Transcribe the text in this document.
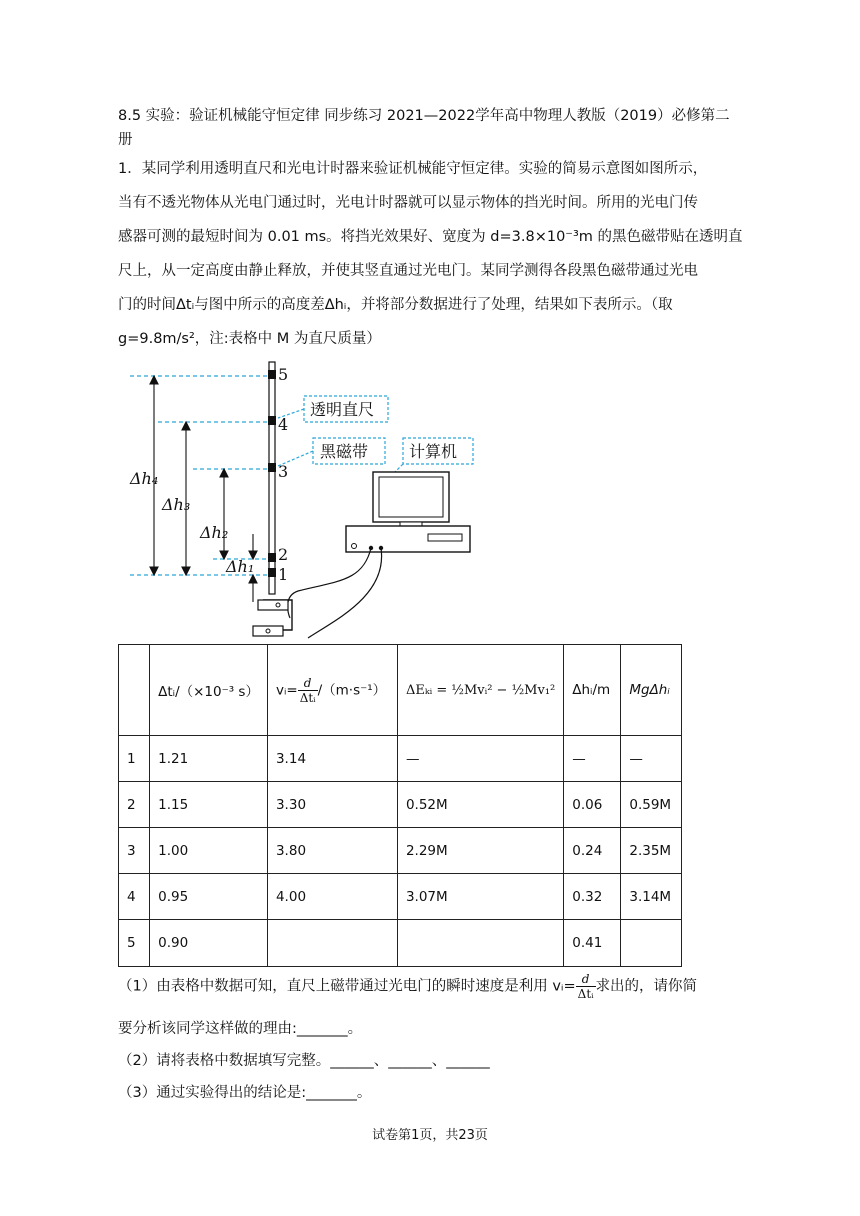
8.5 实验：验证机械能守恒定律 同步练习 2021—2022学年高中物理人教版（2019）必修第二册
1．某同学利用透明直尺和光电计时器来验证机械能守恒定律。实验的简易示意图如图所示，
当有不透光物体从光电门通过时，光电计时器就可以显示物体的挡光时间。所用的光电门传
感器可测的最短时间为 0.01 ms。将挡光效果好、宽度为 d=3.8×10⁻³m 的黑色磁带贴在透明直
尺上，从一定高度由静止释放，并使其竖直通过光电门。某同学测得各段黑色磁带通过光电
门的时间Δtᵢ与图中所示的高度差Δhᵢ，并将部分数据进行了处理，结果如下表所示。（取
g=9.8m/s²，注:表格中 M 为直尺质量）
Δh₄
Δh₃
Δh₂
Δh₁
5
4
3
2
1
透明直尺
黑磁带	计算机
	Δtᵢ/（×10⁻³ s）	vᵢ= $\frac{d}{\text{Δtᵢ}} /(m\cdot s^{-1})$	ΔEₖᵢ = ½Mvᵢ² − ½Mv₁²	Δhᵢ/m	MgΔhᵢ
1	1.21	3.14	—	—	—
2	1.15	3.30	0.52M	0.06	0.59M
3	1.00	3.80	2.29M	0.24	2.35M
4	0.95	4.00	3.07M	0.32	3.14M
5	0.90			0.41	
（1）由表格中数据可知，直尺上磁带通过光电门的瞬时速度是利用 vᵢ= $\frac{d}{\text{Δtᵢ}}$ 求出的，请你简
要分析该同学这样做的理由:_______。
（2）请将表格中数据填写完整。______、______、______
（3）通过实验得出的结论是:_______。
试卷第1页，共23页
